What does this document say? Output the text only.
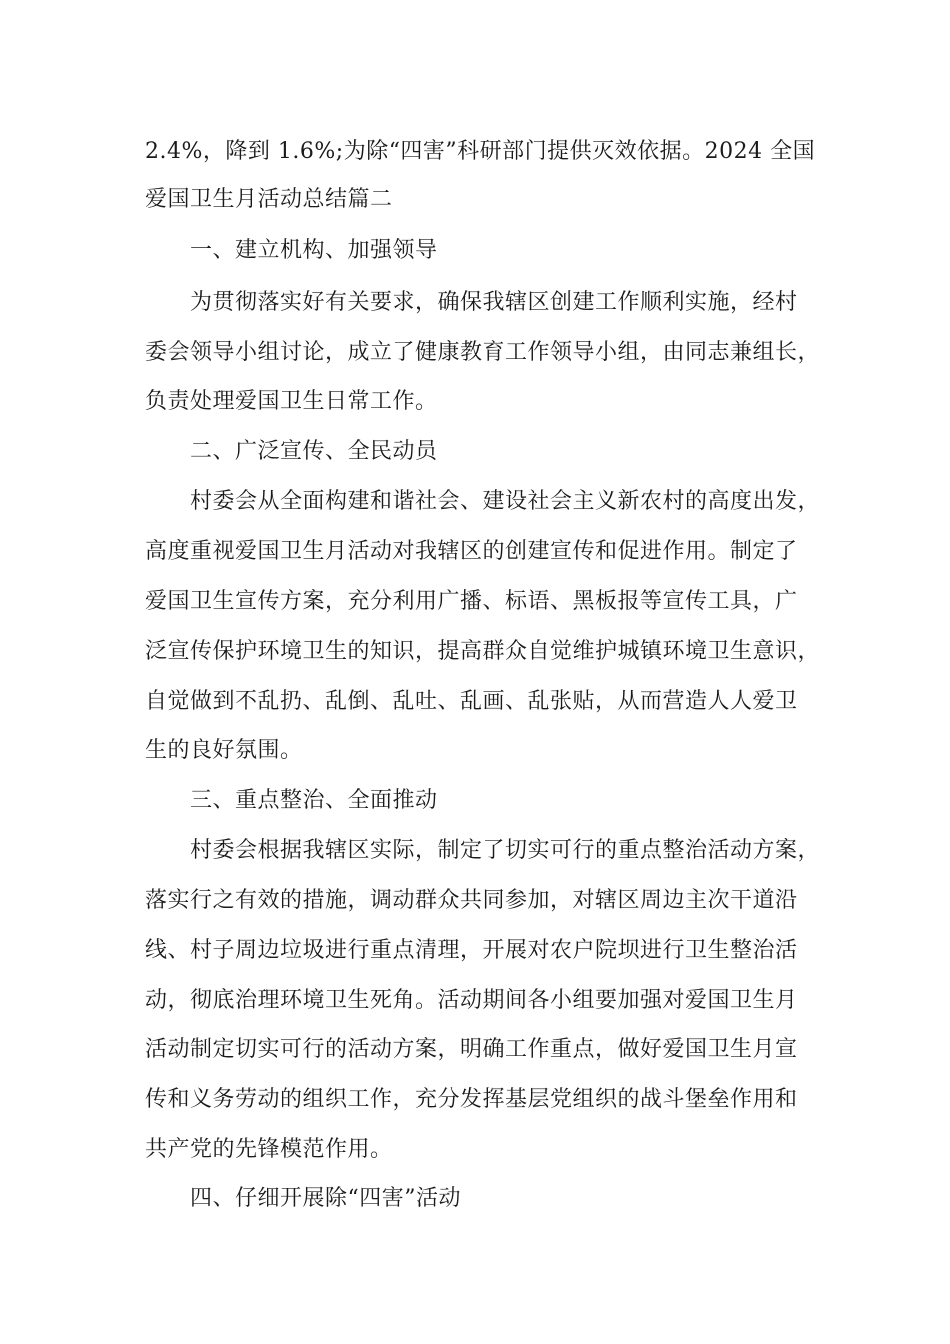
2.4%，降到 1.6%;为除“四害”科研部门提供灭效依据。2024 全国
爱国卫生月活动总结篇二
一、建立机构、加强领导
为贯彻落实好有关要求，确保我辖区创建工作顺利实施，经村
委会领导小组讨论，成立了健康教育工作领导小组，由同志兼组长，
负责处理爱国卫生日常工作。
二、广泛宣传、全民动员
村委会从全面构建和谐社会、建设社会主义新农村的高度出发，
高度重视爱国卫生月活动对我辖区的创建宣传和促进作用。制定了
爱国卫生宣传方案，充分利用广播、标语、黑板报等宣传工具，广
泛宣传保护环境卫生的知识，提高群众自觉维护城镇环境卫生意识，
自觉做到不乱扔、乱倒、乱吐、乱画、乱张贴，从而营造人人爱卫
生的良好氛围。
三、重点整治、全面推动
村委会根据我辖区实际，制定了切实可行的重点整治活动方案，
落实行之有效的措施，调动群众共同参加，对辖区周边主次干道沿
线、村子周边垃圾进行重点清理，开展对农户院坝进行卫生整治活
动，彻底治理环境卫生死角。活动期间各小组要加强对爱国卫生月
活动制定切实可行的活动方案，明确工作重点，做好爱国卫生月宣
传和义务劳动的组织工作，充分发挥基层党组织的战斗堡垒作用和
共产党的先锋模范作用。
四、仔细开展除“四害”活动
